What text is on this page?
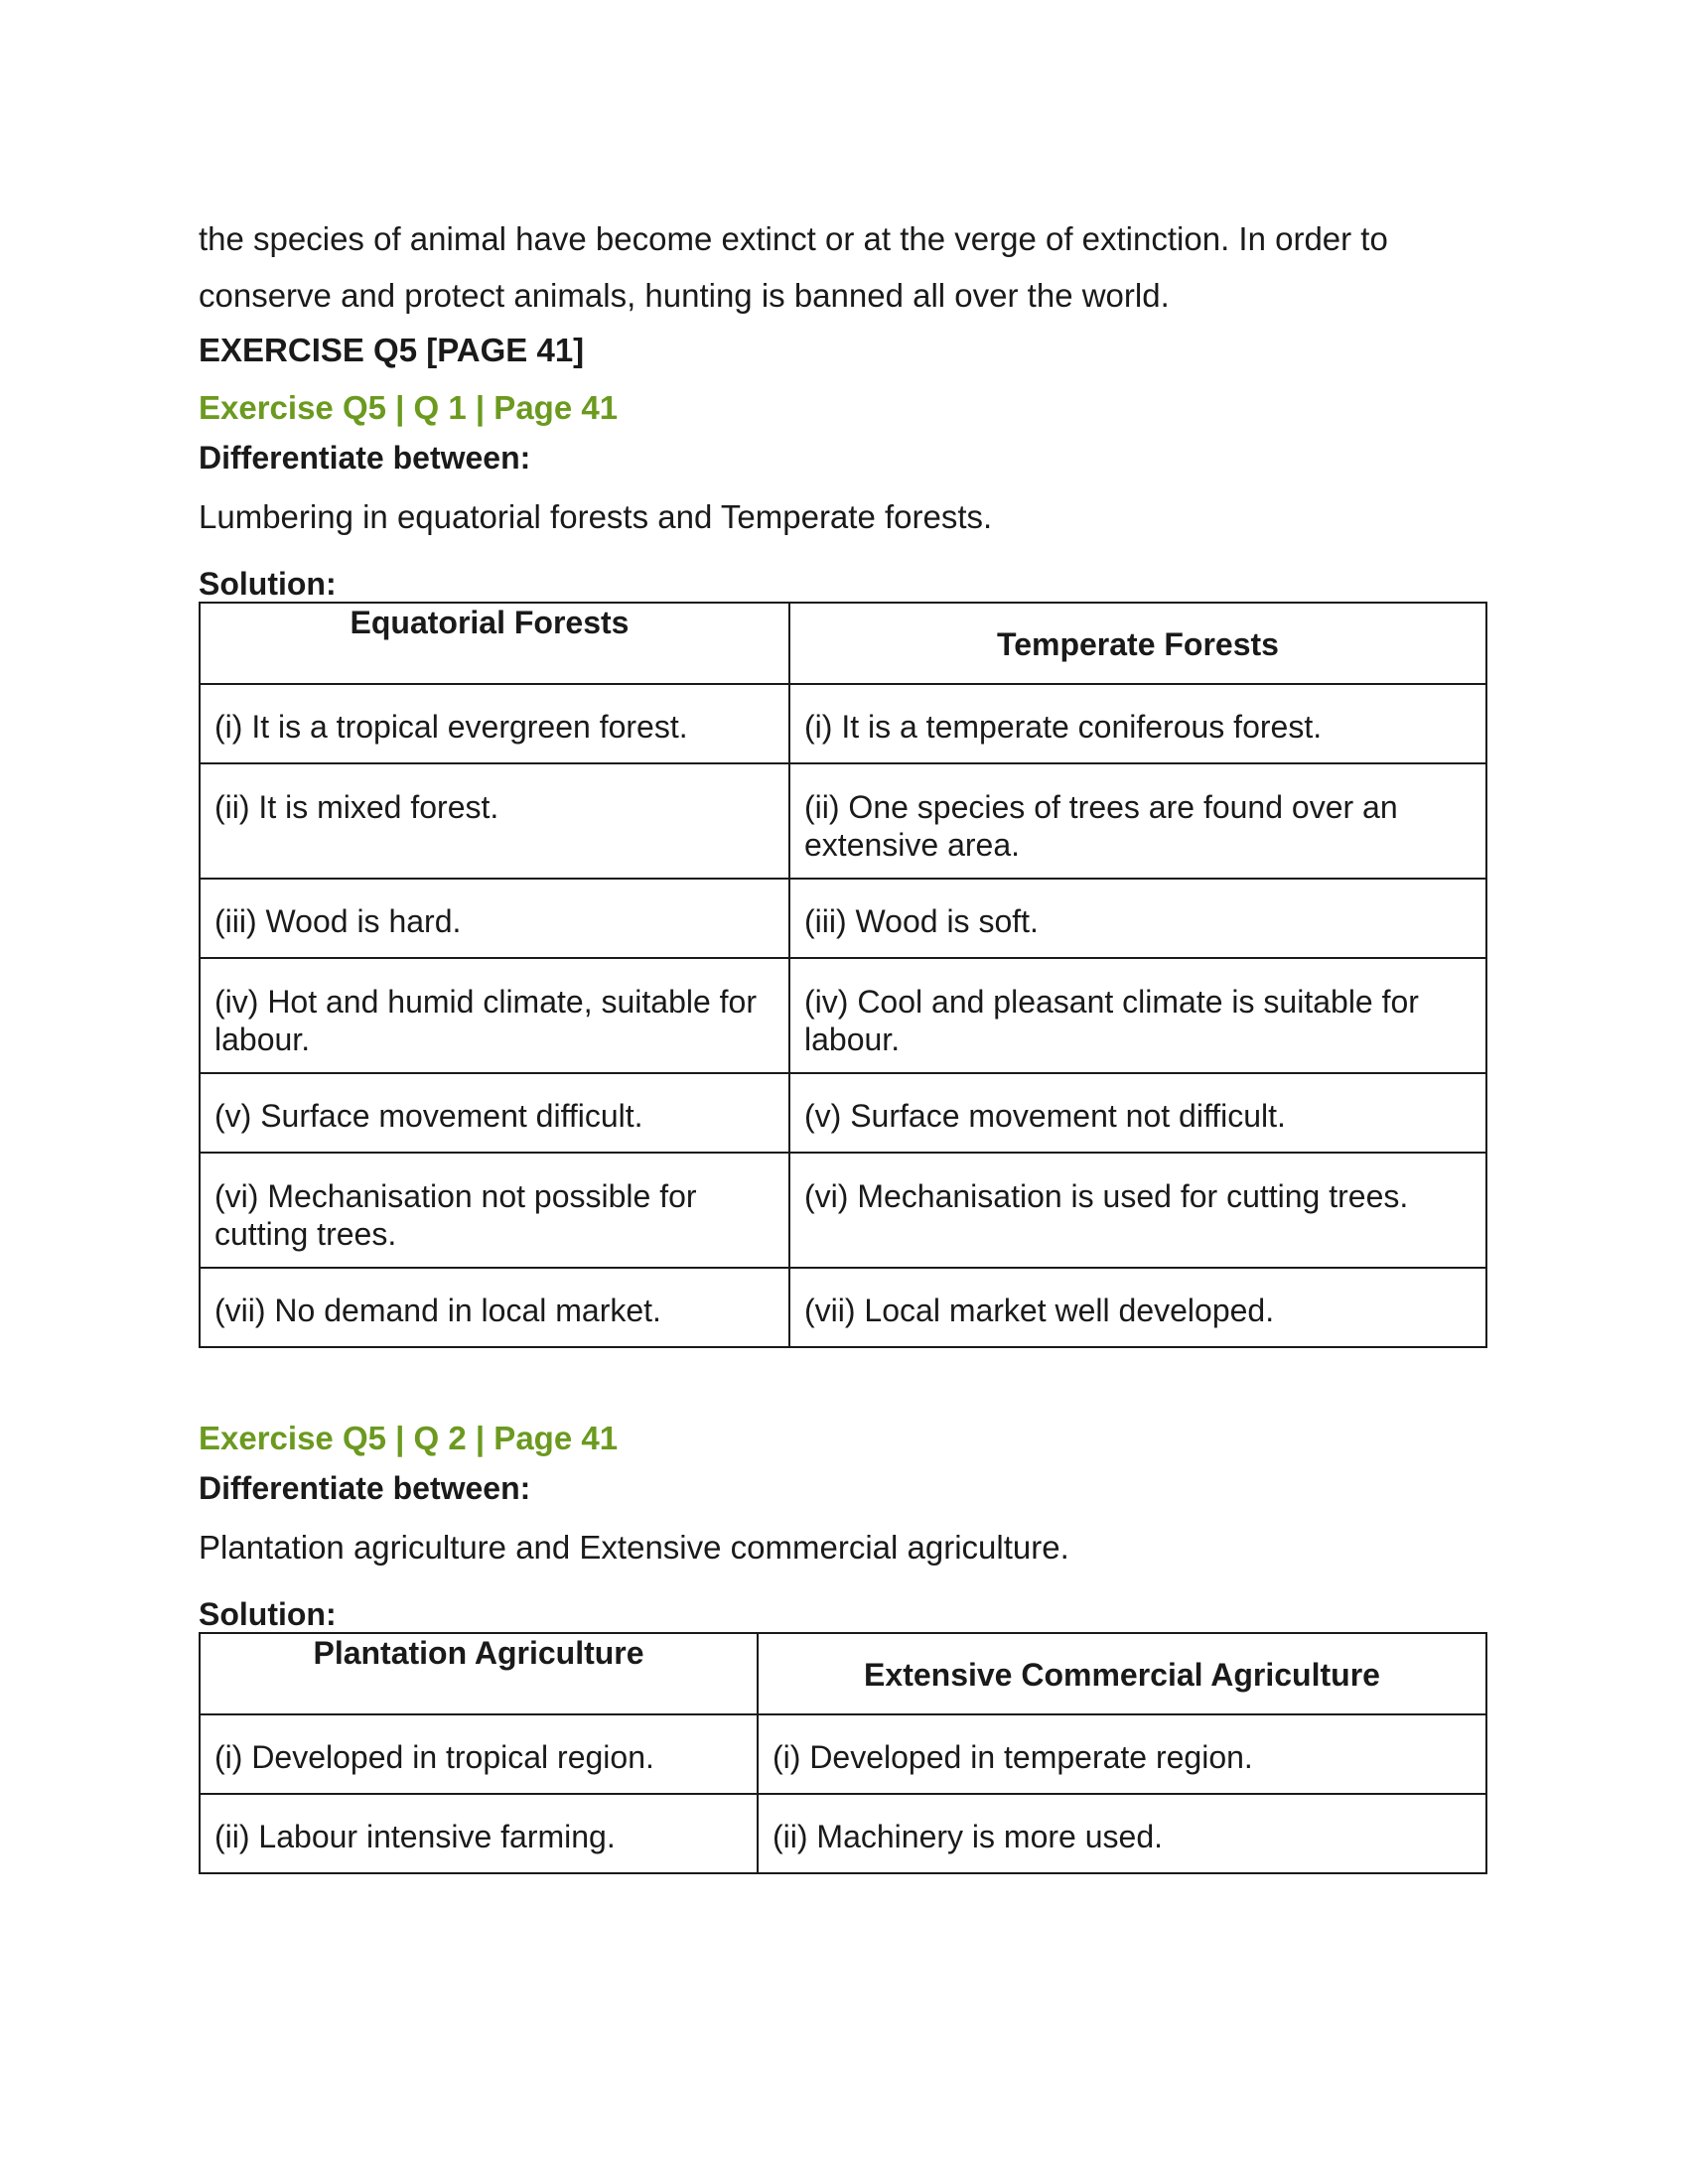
the species of animal have become extinct or at the verge of extinction. In order to

conserve and protect animals, hunting is banned all over the world.

EXERCISE Q5 [PAGE 41]
Exercise Q5 | Q 1 | Page 41
Differentiate between:
Lumbering in equatorial forests and Temperate forests.
Solution:
Equatorial Forests	Temperate Forests

(i) It is a tropical evergreen forest.	(i) It is a temperate coniferous forest.
(ii) It is mixed forest.	(ii) One species of trees are found over an extensive area.
(iii) Wood is hard.	(iii) Wood is soft.
(iv) Hot and humid climate, suitable for labour.	(iv) Cool and pleasant climate is suitable for labour.
(v) Surface movement difficult.	(v) Surface movement not difficult.
(vi) Mechanisation not possible for cutting trees.	(vi) Mechanisation is used for cutting trees.
(vii) No demand in local market.	(vii) Local market well developed.
Exercise Q5 | Q 2 | Page 41
Differentiate between:
Plantation agriculture and Extensive commercial agriculture.
Solution:
Plantation Agriculture	Extensive Commercial Agriculture

(i) Developed in tropical region.	(i) Developed in temperate region.
(ii) Labour intensive farming.	(ii) Machinery is more used.
